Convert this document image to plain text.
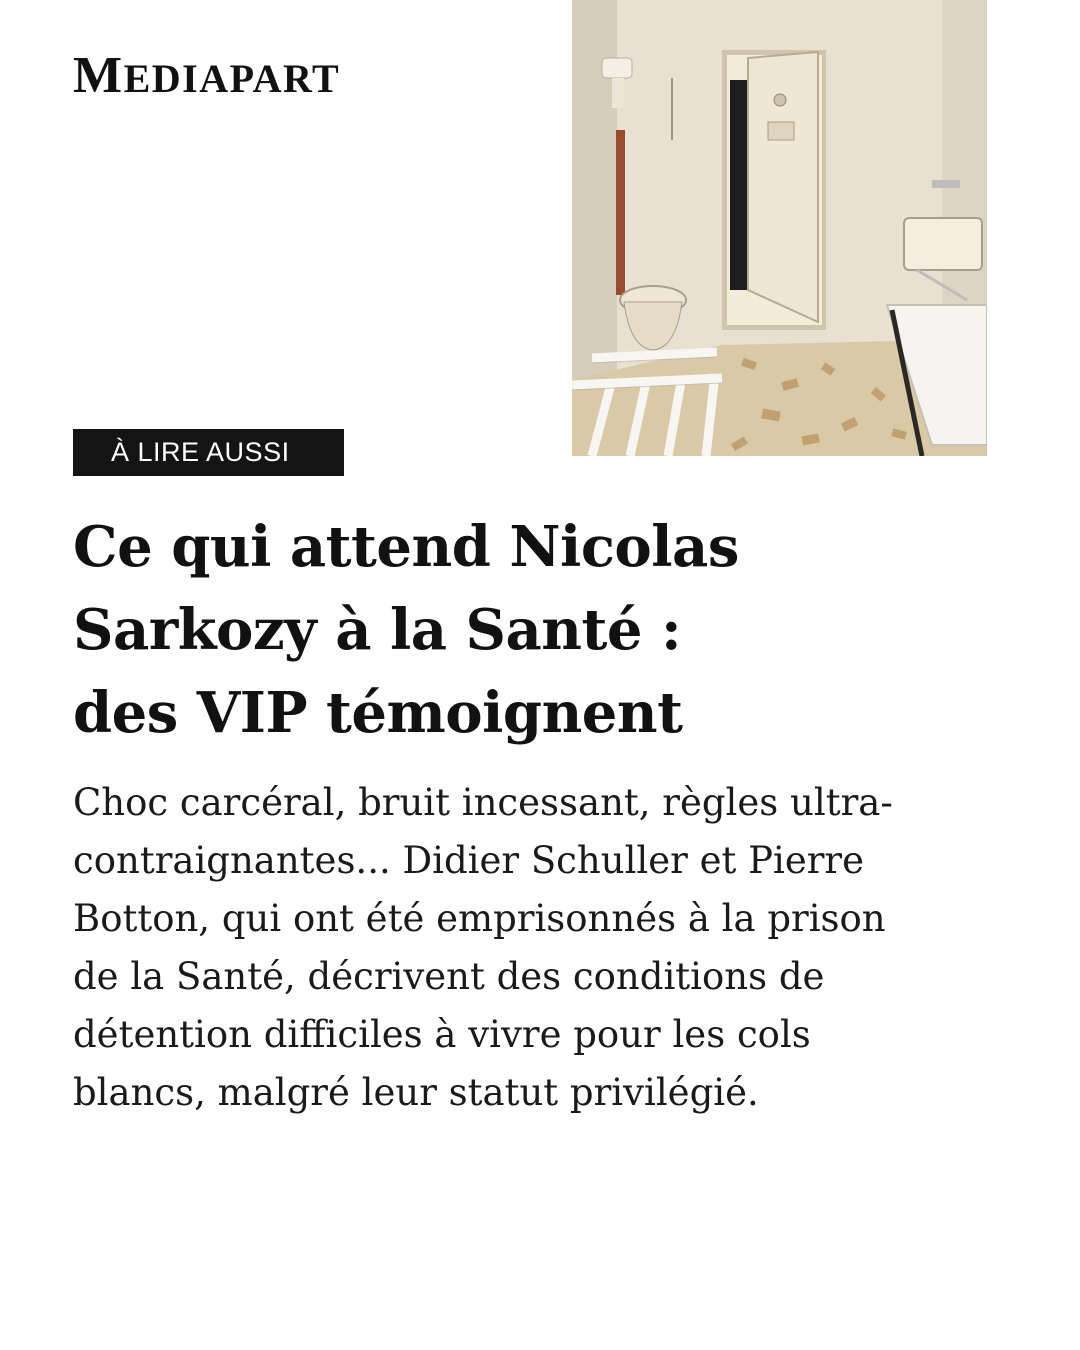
MEDIAPART
À LIRE AUSSI
Ce qui attend Nicolas
Sarkozy à la Santé :
des VIP témoignent

Choc carcéral, bruit incessant, règles ultra-
contraignantes... Didier Schuller et Pierre
Botton, qui ont été emprisonnés à la prison
de la Santé, décrivent des conditions de
détention difficiles à vivre pour les cols
blancs, malgré leur statut privilégié.
